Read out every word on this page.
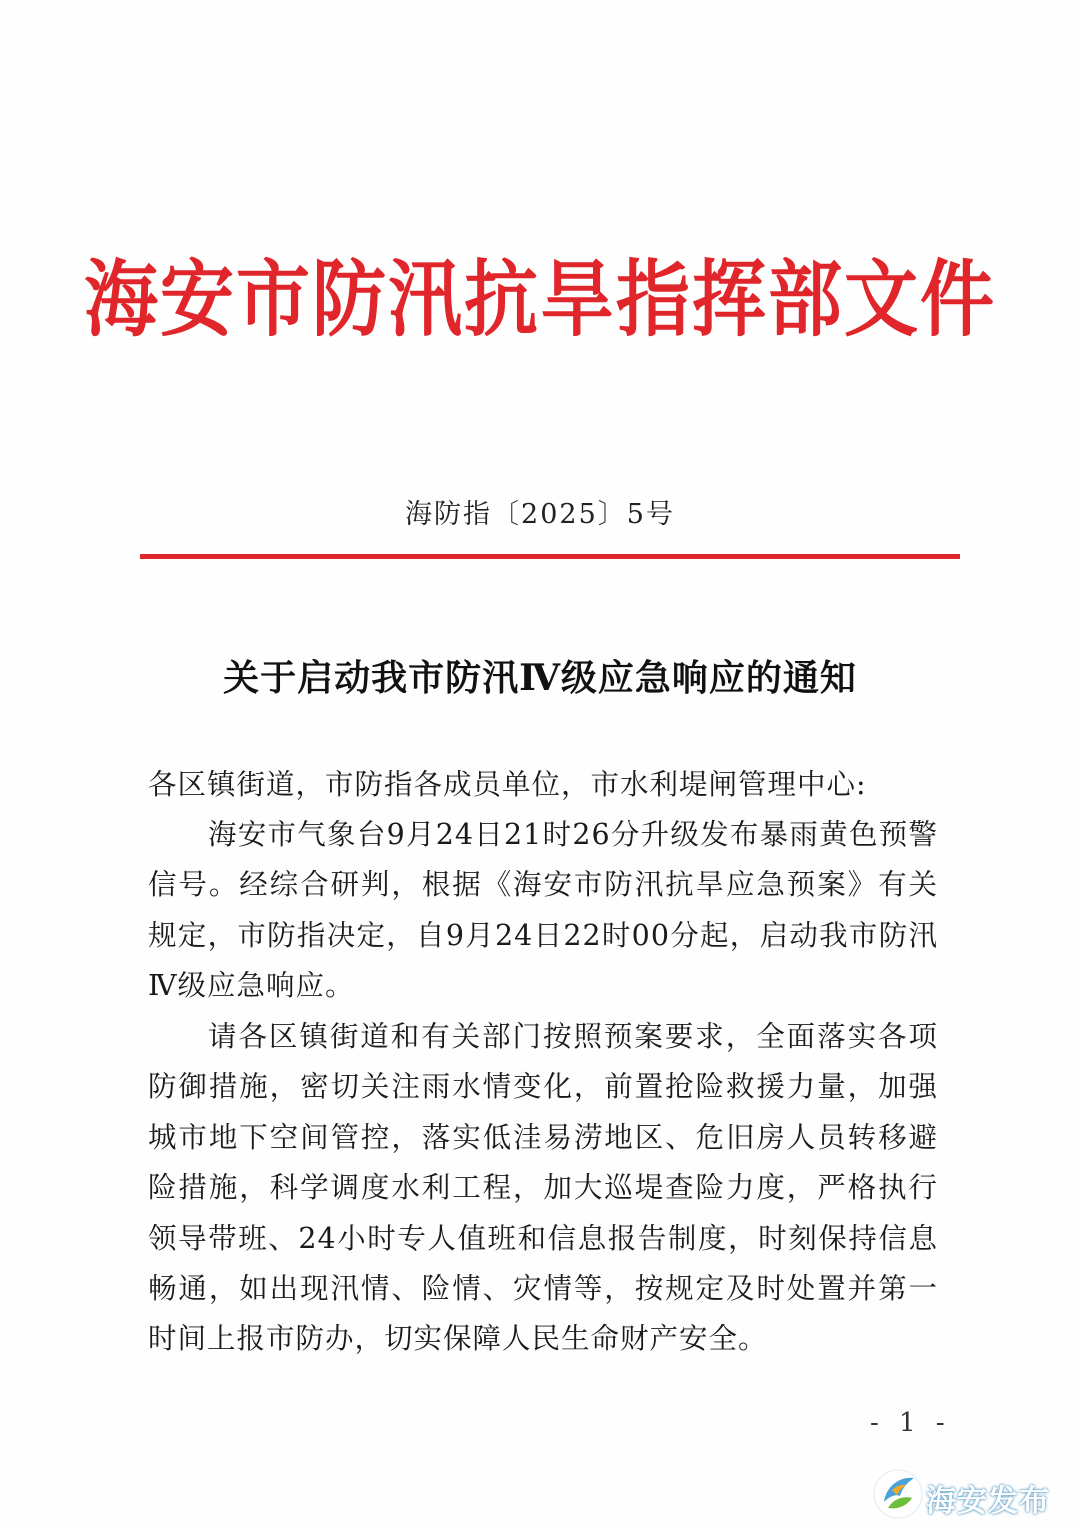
海安市防汛抗旱指挥部文件
海防指〔2025〕5号
关于启动我市防汛Ⅳ级应急响应的通知
各区镇街道，市防指各成员单位，市水利堤闸管理中心:
海安市气象台9月24日21时26分升级发布暴雨黄色预警信号。经综合研判，根据《海安市防汛抗旱应急预案》有关规定，市防指决定，自9月24日22时00分起，启动我市防汛Ⅳ级应急响应。
请各区镇街道和有关部门按照预案要求，全面落实各项防御措施，密切关注雨水情变化，前置抢险救援力量，加强城市地下空间管控，落实低洼易涝地区、危旧房人员转移避险措施，科学调度水利工程，加大巡堤查险力度，严格执行领导带班、24小时专人值班和信息报告制度，时刻保持信息畅通，如出现汛情、险情、灾情等，按规定及时处置并第一时间上报市防办，切实保障人民生命财产安全。
- 1 -
海安发布
